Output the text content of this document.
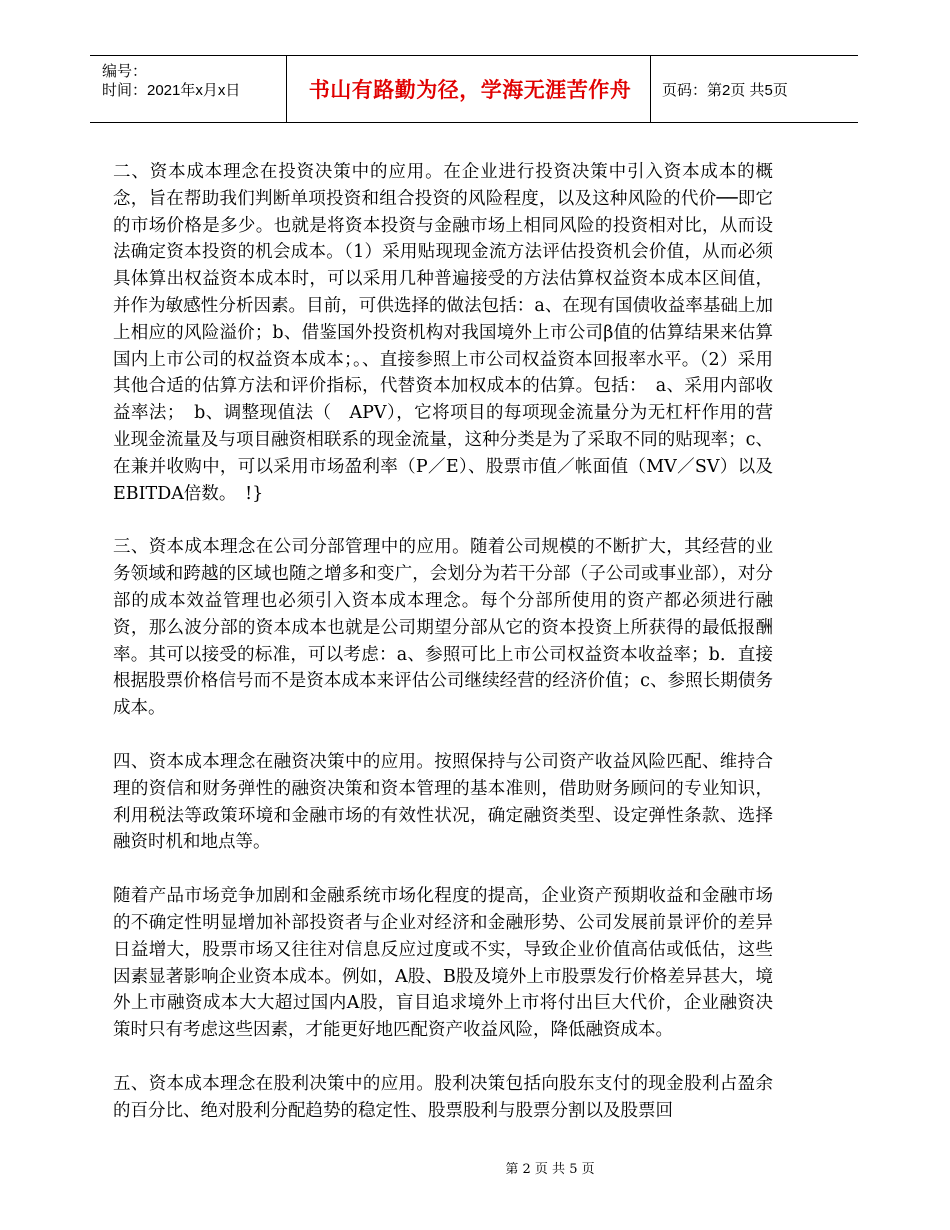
编号：
时间：2021年x月x日	书山有路勤为径，学海无涯苦作舟	页码：第2页 共5页

二、资本成本理念在投资决策中的应用。在企业进行投资决策中引入资本成本的概念，旨在帮助我们判断单项投资和组合投资的风险程度，以及这种风险的代价──即它的市场价格是多少。也就是将资本投资与金融市场上相同风险的投资相对比，从而设法确定资本投资的机会成本。（1）采用贴现现金流方法评估投资机会价值，从而必须具体算出权益资本成本时，可以采用几种普遍接受的方法估算权益资本成本区间值，并作为敏感性分析因素。目前，可供选择的做法包括：a、在现有国债收益率基础上加上相应的风险溢价；b、借鉴国外投资机构对我国境外上市公司β值的估算结果来估算国内上市公司的权益资本成本；。、直接参照上市公司权益资本回报率水平。（2）采用其他合适的估算方法和评价指标，代替资本加权成本的估算。包括：　a、采用内部收益率法；　b、调整现值法（　APV），它将项目的每项现金流量分为无杠杆作用的营业现金流量及与项目融资相联系的现金流量，这种分类是为了采取不同的贴现率；c、在兼并收购中，可以采用市场盈利率（P／E）、股票市值／帐面值（MV／SV）以及EBITDA倍数。　!}

三、资本成本理念在公司分部管理中的应用。随着公司规模的不断扩大，其经营的业务领域和跨越的区域也随之增多和变广，会划分为若干分部（子公司或事业部），对分部的成本效益管理也必须引入资本成本理念。每个分部所使用的资产都必须进行融资，那么波分部的资本成本也就是公司期望分部从它的资本投资上所获得的最低报酬率。其可以接受的标准，可以考虑：a、参照可比上市公司权益资本收益率；b．直接根据股票价格信号而不是资本成本来评估公司继续经营的经济价值；c、参照长期债务成本。

四、资本成本理念在融资决策中的应用。按照保持与公司资产收益风险匹配、维持合理的资信和财务弹性的融资决策和资本管理的基本准则，借助财务顾问的专业知识，利用税法等政策环境和金融市场的有效性状况，确定融资类型、设定弹性条款、选择融资时机和地点等。

随着产品市场竞争加剧和金融系统市场化程度的提高，企业资产预期收益和金融市场的不确定性明显增加补部投资者与企业对经济和金融形势、公司发展前景评价的差异日益增大，股票市场又往往对信息反应过度或不实，导致企业价值高估或低估，这些因素显著影响企业资本成本。例如，A股、B股及境外上市股票发行价格差异甚大，境外上市融资成本大大超过国内A股，盲目追求境外上市将付出巨大代价，企业融资决策时只有考虑这些因素，才能更好地匹配资产收益风险，降低融资成本。

五、资本成本理念在股利决策中的应用。股利决策包括向股东支付的现金股利占盈余的百分比、绝对股利分配趋势的稳定性、股票股利与股票分割以及股票回

第 2 页 共 5 页
